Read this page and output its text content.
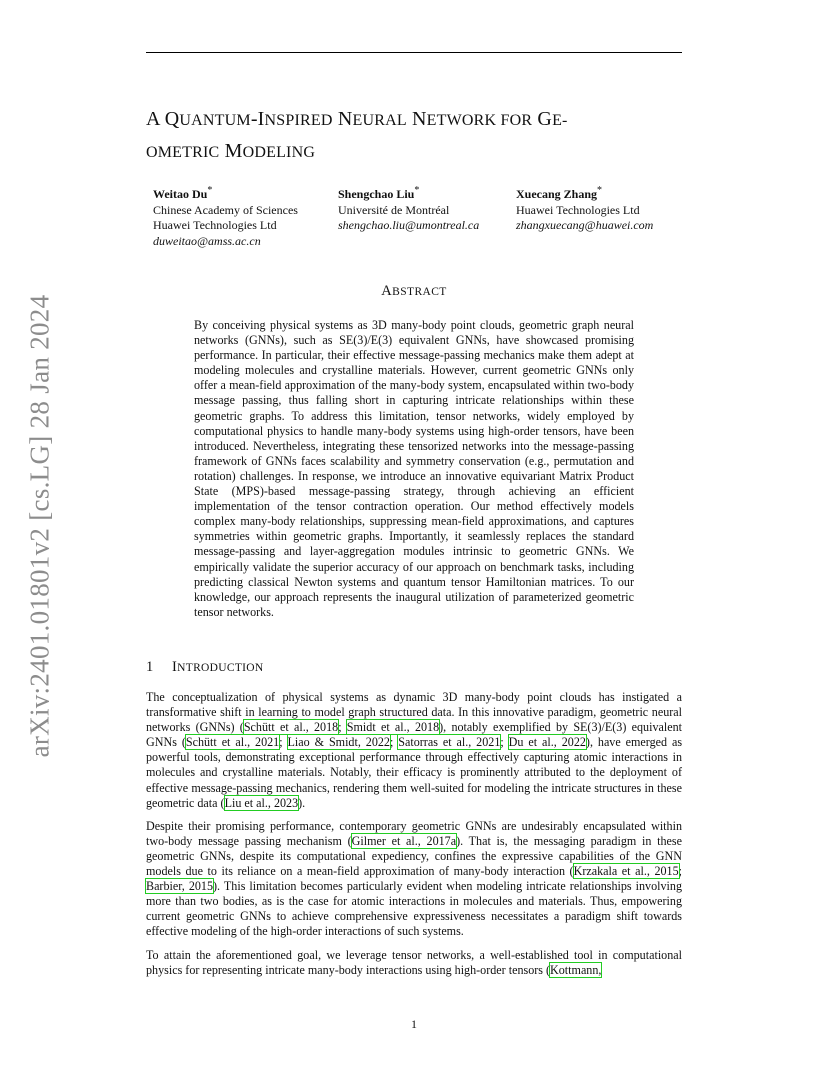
arXiv:2401.01801v2 [cs.LG] 28 Jan 2024
A QUANTUM-INSPIRED NEURAL NETWORK FOR GE-
OMETRIC MODELING
Weitao Du*
Chinese Academy of Sciences
Huawei Technologies Ltd
duweitao@amss.ac.cn
Shengchao Liu*
Université de Montréal
shengchao.liu@umontreal.ca
Xuecang Zhang*
Huawei Technologies Ltd
zhangxuecang@huawei.com
ABSTRACT
By conceiving physical systems as 3D many-body point clouds, geometric graph neural networks (GNNs), such as SE(3)/E(3) equivalent GNNs, have showcased promising performance. In particular, their effective message-passing mechanics make them adept at modeling molecules and crystalline materials. However, current geometric GNNs only offer a mean-field approximation of the many-body system, encapsulated within two-body message passing, thus falling short in capturing intricate relationships within these geometric graphs. To address this limitation, tensor networks, widely employed by computational physics to handle many-body systems using high-order tensors, have been introduced. Nevertheless, integrating these tensorized networks into the message-passing framework of GNNs faces scalability and symmetry conservation (e.g., permutation and rotation) challenges. In response, we introduce an innovative equivariant Matrix Product State (MPS)-based message-passing strategy, through achieving an efficient implementation of the tensor contraction operation. Our method effectively models complex many-body relationships, suppressing mean-field approximations, and captures symmetries within geometric graphs. Importantly, it seamlessly replaces the standard message-passing and layer-aggregation modules intrinsic to geometric GNNs. We empirically validate the superior accuracy of our approach on benchmark tasks, including predicting classical Newton systems and quantum tensor Hamiltonian matrices. To our knowledge, our approach represents the inaugural utilization of parameterized geometric tensor networks.
1 INTRODUCTION

The conceptualization of physical systems as dynamic 3D many-body point clouds has instigated a transformative shift in learning to model graph structured data. In this innovative paradigm, geometric neural networks (GNNs) (Schütt et al., 2018; Smidt et al., 2018), notably exemplified by SE(3)/E(3) equivalent GNNs (Schütt et al., 2021; Liao & Smidt, 2022; Satorras et al., 2021; Du et al., 2022), have emerged as powerful tools, demonstrating exceptional performance through effectively capturing atomic interactions in molecules and crystalline materials. Notably, their efficacy is prominently attributed to the deployment of effective message-passing mechanics, rendering them well-suited for modeling the intricate structures in these geometric data (Liu et al., 2023).

Despite their promising performance, contemporary geometric GNNs are undesirably encapsulated within two-body message passing mechanism (Gilmer et al., 2017a). That is, the messaging paradigm in these geometric GNNs, despite its computational expediency, confines the expressive capabilities of the GNN models due to its reliance on a mean-field approximation of many-body interaction (Krzakala et al., 2015; Barbier, 2015). This limitation becomes particularly evident when modeling intricate relationships involving more than two bodies, as is the case for atomic interactions in molecules and materials. Thus, empowering current geometric GNNs to achieve comprehensive expressiveness necessitates a paradigm shift towards effective modeling of the high-order interactions of such systems.

To attain the aforementioned goal, we leverage tensor networks, a well-established tool in computational physics for representing intricate many-body interactions using high-order tensors (Kottmann,

1
